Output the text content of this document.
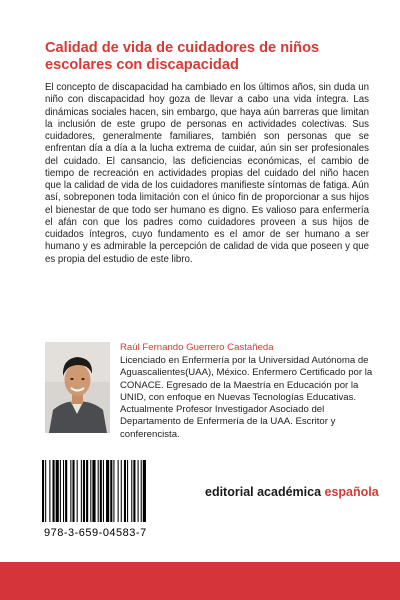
Calidad de vida de cuidadores de niños escolares con discapacidad

El concepto de discapacidad ha cambiado en los últimos años, sin duda un niño con discapacidad hoy goza de llevar a cabo una vida íntegra. Las dinámicas sociales hacen, sin embargo, que haya aún barreras que limitan la inclusión de este grupo de personas en actividades colectivas. Sus cuidadores, generalmente familiares, también son personas que se enfrentan día a día a la lucha extrema de cuidar, aún sin ser profesionales del cuidado. El cansancio, las deficiencias económicas, el cambio de tiempo de recreación en actividades propias del cuidado del niño hacen que la calidad de vida de los cuidadores manifieste síntomas de fatiga. Aún así, sobreponen toda limitación con el único fin de proporcionar a sus hijos el bienestar de que todo ser humano es digno. Es valioso para enfermería el afán con que los padres como cuidadores proveen a sus hijos de cuidados íntegros, cuyo fundamento es el amor de ser humano a ser humano y es admirable la percepción de calidad de vida que poseen y que es propia del estudio de este libro.

Raúl Fernando Guerrero Castañeda

Licenciado en Enfermería por la Universidad Autónoma de Aguascalientes(UAA), México. Enfermero Certificado por la CONACE. Egresado de la Maestría en Educación por la UNID, con enfoque en Nuevas Tecnologías Educativas. Actualmente Profesor Investigador Asociado del Departamento de Enfermería de la UAA. Escritor y conferencista.

978-3-659-04583-7
editorial académica española
